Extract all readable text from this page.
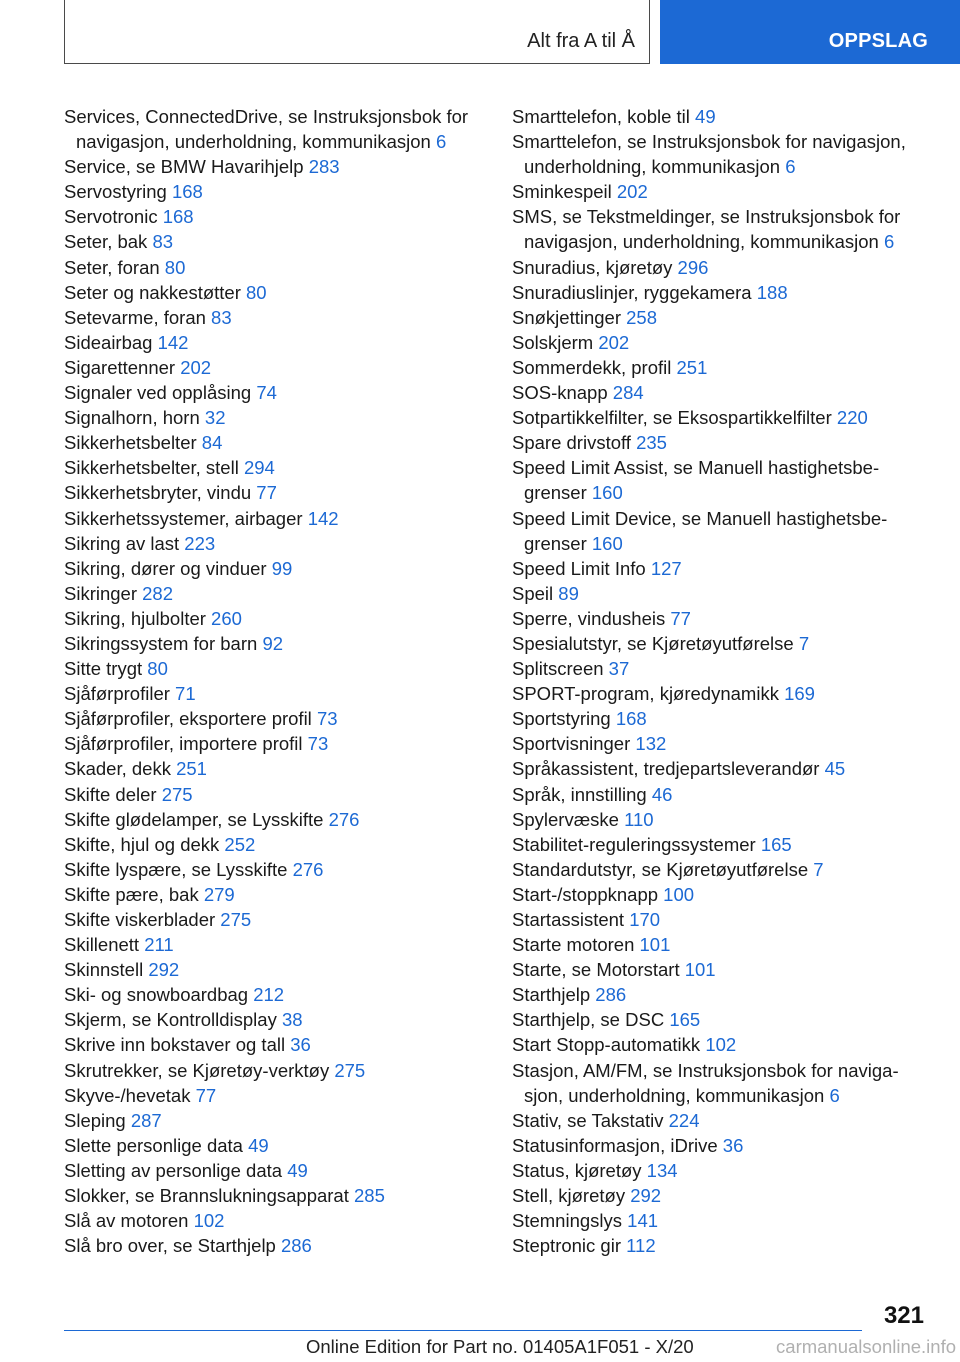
Alt fra A til Å	OPPSLAG
Services, ConnectedDrive, se Instruksjonsbok for navigasjon, underholdning, kommunikasjon 6
Service, se BMW Havarihjelp 283
Servostyring 168
Servotronic 168
Seter, bak 83
Seter, foran 80
Seter og nakkestøtter 80
Setevarme, foran 83
Sideairbag 142
Sigarettenner 202
Signaler ved opplåsing 74
Signalhorn, horn 32
Sikkerhetsbelter 84
Sikkerhetsbelter, stell 294
Sikkerhetsbryter, vindu 77
Sikkerhetssystemer, airbager 142
Sikring av last 223
Sikring, dører og vinduer 99
Sikringer 282
Sikring, hjulbolter 260
Sikringssystem for barn 92
Sitte trygt 80
Sjåførprofiler 71
Sjåførprofiler, eksportere profil 73
Sjåførprofiler, importere profil 73
Skader, dekk 251
Skifte deler 275
Skifte glødelamper, se Lysskifte 276
Skifte, hjul og dekk 252
Skifte lyspære, se Lysskifte 276
Skifte pære, bak 279
Skifte viskerblader 275
Skillenett 211
Skinnstell 292
Ski- og snowboardbag 212
Skjerm, se Kontrolldisplay 38
Skrive inn bokstaver og tall 36
Skrutrekker, se Kjøretøy-verktøy 275
Skyve-/hevetak 77
Sleping 287
Slette personlige data 49
Sletting av personlige data 49
Slokker, se Brannslukningsapparat 285
Slå av motoren 102
Slå bro over, se Starthjelp 286
Smarttelefon, koble til 49
Smarttelefon, se Instruksjonsbok for navigasjon, underholdning, kommunikasjon 6
Sminkespeil 202
SMS, se Tekstmeldinger, se Instruksjonsbok for navigasjon, underholdning, kommunikasjon 6
Snuradius, kjøretøy 296
Snuradiuslinjer, ryggekamera 188
Snøkjettinger 258
Solskjerm 202
Sommerdekk, profil 251
SOS-knapp 284
Sotpartikkelfilter, se Eksospartikkelfilter 220
Spare drivstoff 235
Speed Limit Assist, se Manuell hastighetsbe‐grenser 160
Speed Limit Device, se Manuell hastighetsbe‐grenser 160
Speed Limit Info 127
Speil 89
Sperre, vindusheis 77
Spesialutstyr, se Kjøretøyutførelse 7
Splitscreen 37
SPORT-program, kjøredynamikk 169
Sportstyring 168
Sportvisninger 132
Språkassistent, tredjepartsleverandør 45
Språk, innstilling 46
Spylervæske 110
Stabilitet-reguleringssystemer 165
Standardutstyr, se Kjøretøyutførelse 7
Start-/stoppknapp 100
Startassistent 170
Starte motoren 101
Starte, se Motorstart 101
Starthjelp 286
Starthjelp, se DSC 165
Start Stopp-automatikk 102
Stasjon, AM/FM, se Instruksjonsbok for naviga‐sjon, underholdning, kommunikasjon 6
Stativ, se Takstativ 224
Statusinformasjon, iDrive 36
Status, kjøretøy 134
Stell, kjøretøy 292
Stemningslys 141
Steptronic gir 112
321
Online Edition for Part no. 01405A1F051 - X/20	carmanualsonline.info
